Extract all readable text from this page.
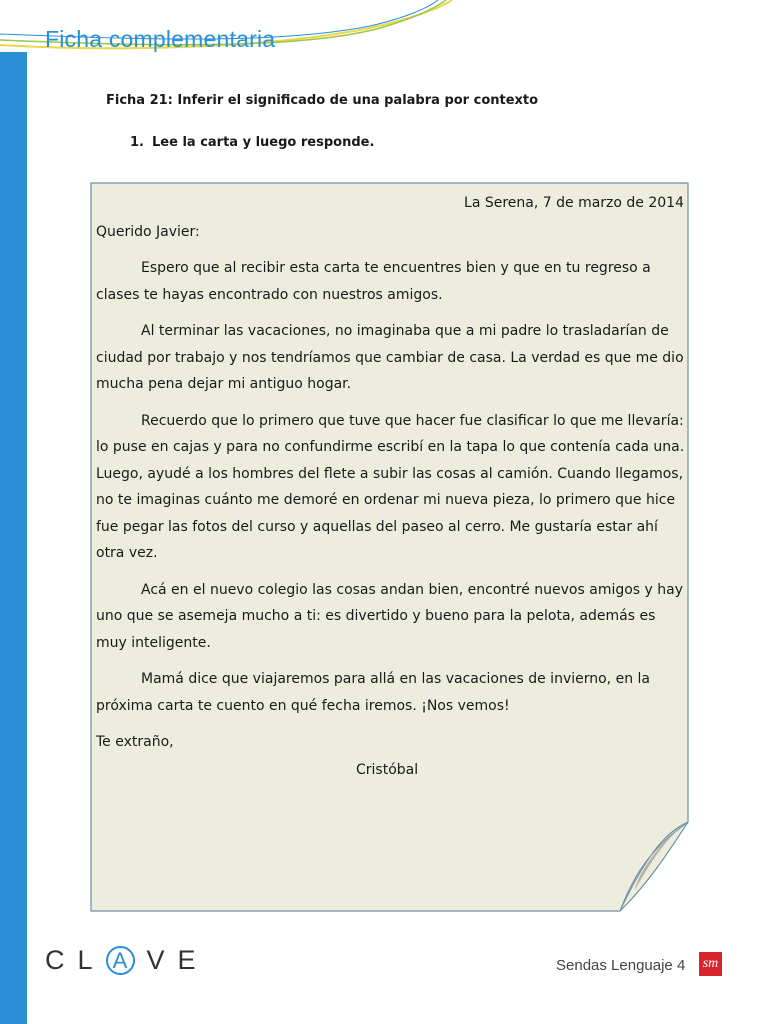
Ficha complementaria
Ficha 21: Inferir el significado de una palabra por contexto
1. Lee la carta y luego responde.
La Serena, 7 de marzo de 2014
Querido Javier:
Espero que al recibir esta carta te encuentres bien y que en tu regreso a clases te hayas encontrado con nuestros amigos.
Al terminar las vacaciones, no imaginaba que a mi padre lo trasladarían de ciudad por trabajo y nos tendríamos que cambiar de casa. La verdad es que me dio mucha pena dejar mi antiguo hogar.
Recuerdo que lo primero que tuve que hacer fue clasificar lo que me llevaría: lo puse en cajas y para no confundirme escribí en la tapa lo que contenía cada una. Luego, ayudé a los hombres del flete a subir las cosas al camión. Cuando llegamos, no te imaginas cuánto me demoré en ordenar mi nueva pieza, lo primero que hice fue pegar las fotos del curso y aquellas del paseo al cerro. Me gustaría estar ahí otra vez.
Acá en el nuevo colegio las cosas andan bien, encontré nuevos amigos y hay uno que se asemeja mucho a ti: es divertido y bueno para la pelota, además es muy inteligente.
Mamá dice que viajaremos para allá en las vacaciones de invierno, en la próxima carta te cuento en qué fecha iremos. ¡Nos vemos!
Te extraño,
Cristóbal
CL A VE	Sendas Lenguaje 4 sm
